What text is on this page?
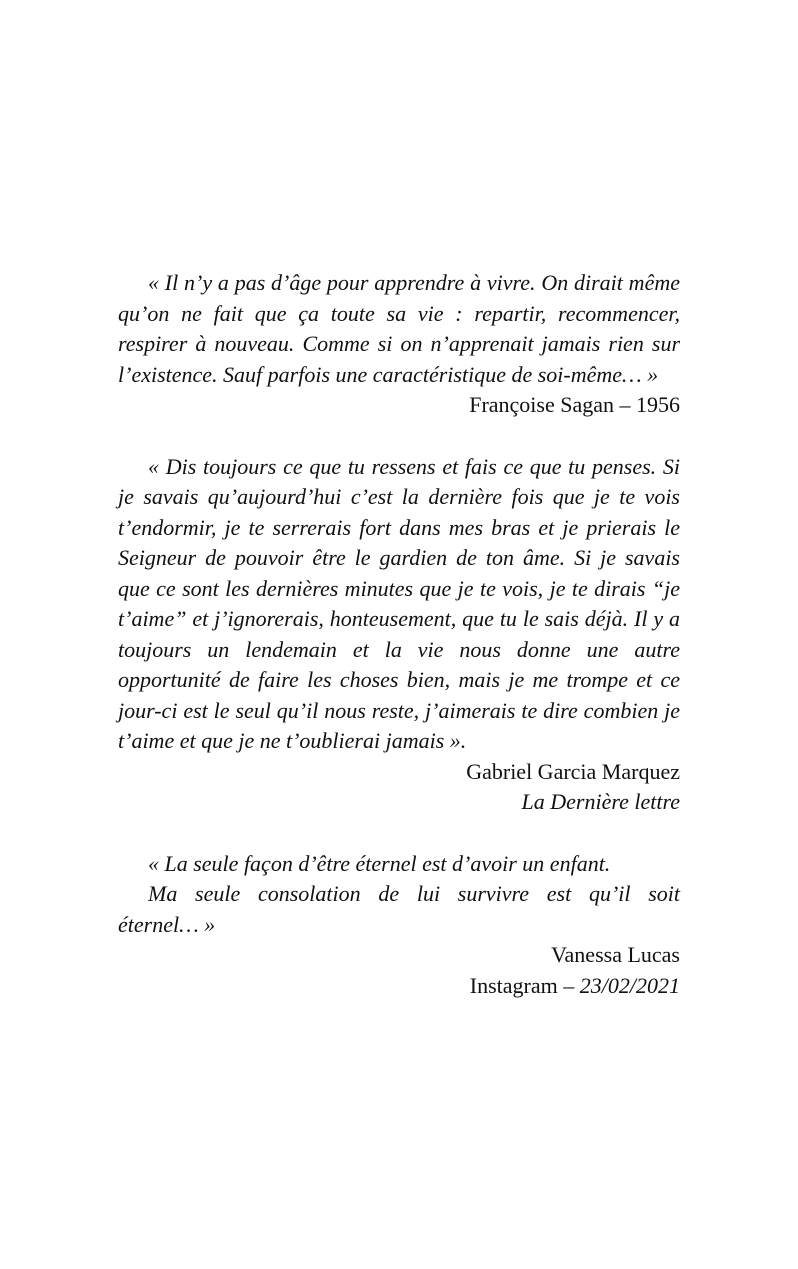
« Il n’y a pas d’âge pour apprendre à vivre. On dirait même
qu’on ne fait que ça toute sa vie : repartir, recommencer,
respirer à nouveau. Comme si on n’apprenait jamais rien sur
l’existence. Sauf parfois une caractéristique de soi-même… »

Françoise Sagan – 1956

« Dis toujours ce que tu ressens et fais ce que tu penses. Si
je savais qu’aujourd’hui c’est la dernière fois que je te vois
t’endormir, je te serrerais fort dans mes bras et je prierais le
Seigneur de pouvoir être le gardien de ton âme. Si je savais
que ce sont les dernières minutes que je te vois, je te dirais “je
t’aime” et j’ignorerais, honteusement, que tu le sais déjà. Il y a
toujours un lendemain et la vie nous donne une autre
opportunité de faire les choses bien, mais je me trompe et ce
jour-ci est le seul qu’il nous reste, j’aimerais te dire combien je
t’aime et que je ne t’oublierai jamais ».

Gabriel Garcia Marquez
La Dernière lettre

« La seule façon d’être éternel est d’avoir un enfant.
Ma seule consolation de lui survivre est qu’il soit
éternel… »

Vanessa Lucas
Instagram – 23/02/2021
